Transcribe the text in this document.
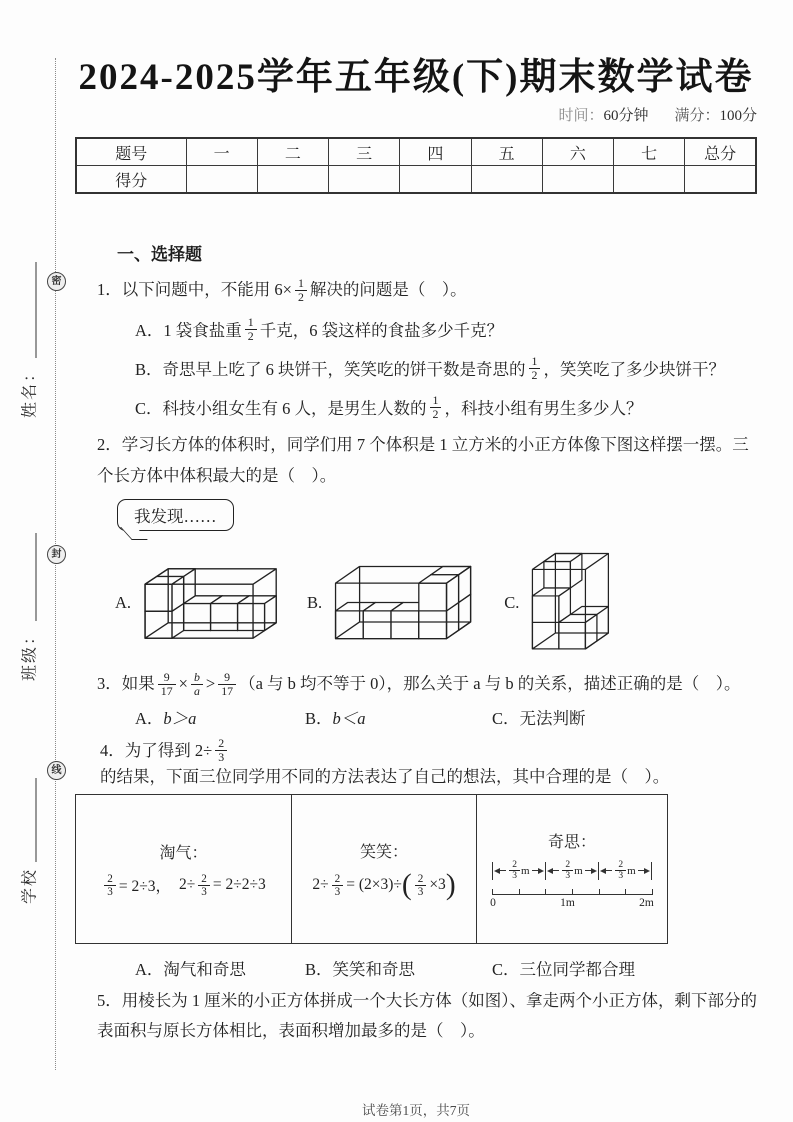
密
封
线
姓名：
班级：
学校
2024-2025学年五年级(下)期末数学试卷
时间：60分钟 满分：100分
题号	一	二	三	四	五	六	七	总分
得分								
一、选择题
1．以下问题中，不能用 $6\times \frac{1}{2}$ 解决的问题是（　）。
A．1 袋食盐重 $\frac{1}{2}$ 千克，6 袋这样的食盐多少千克？
B．奇思早上吃了 6 块饼干，笑笑吃的饼干数是奇思的 $\frac{1}{2}$ ，笑笑吃了多少块饼干？
C．科技小组女生有 6 人，是男生人数的 $\frac{1}{2}$ ，科技小组有男生多少人？
2．学习长方体的体积时，同学们用 7 个体积是 1 立方米的小正方体像下图这样摆一摆。三
个长方体中体积最大的是（　）。
我发现……
A.	B.	C.
3．如果 $\frac{9}{17} \times \frac{b}{a} > \frac{9}{17} (a$ 与 b 均不等于 0），那么关于 a 与 b 的关系，描述正确的是（　）。
A．b＞a	B．b＜a	C．无法判断
4．为了得到 $2\div \frac{2}{3}$
的结果，下面三位同学用不同的方法表达了自己的想法，其中合理的是（　）。
淘气：
$\frac{2}{3} = 2\div 3$， $2\div \frac{2}{3} = 2\div 2\div 3$

笑笑：
$2\div \frac{2}{3} = (2\times 3)\div$ ( $\frac{2}{3} \times 3$ )

奇思：
$\frac{2}{3}$ m	$\frac{2}{3}$ m	$\frac{2}{3}$ m
0	1m	2m
A．淘气和奇思	B．笑笑和奇思	C．三位同学都合理
5．用棱长为 1 厘米的小正方体拼成一个大长方体（如图）、拿走两个小正方体，剩下部分的
表面积与原长方体相比，表面积增加最多的是（　）。
试卷第1页，共7页
